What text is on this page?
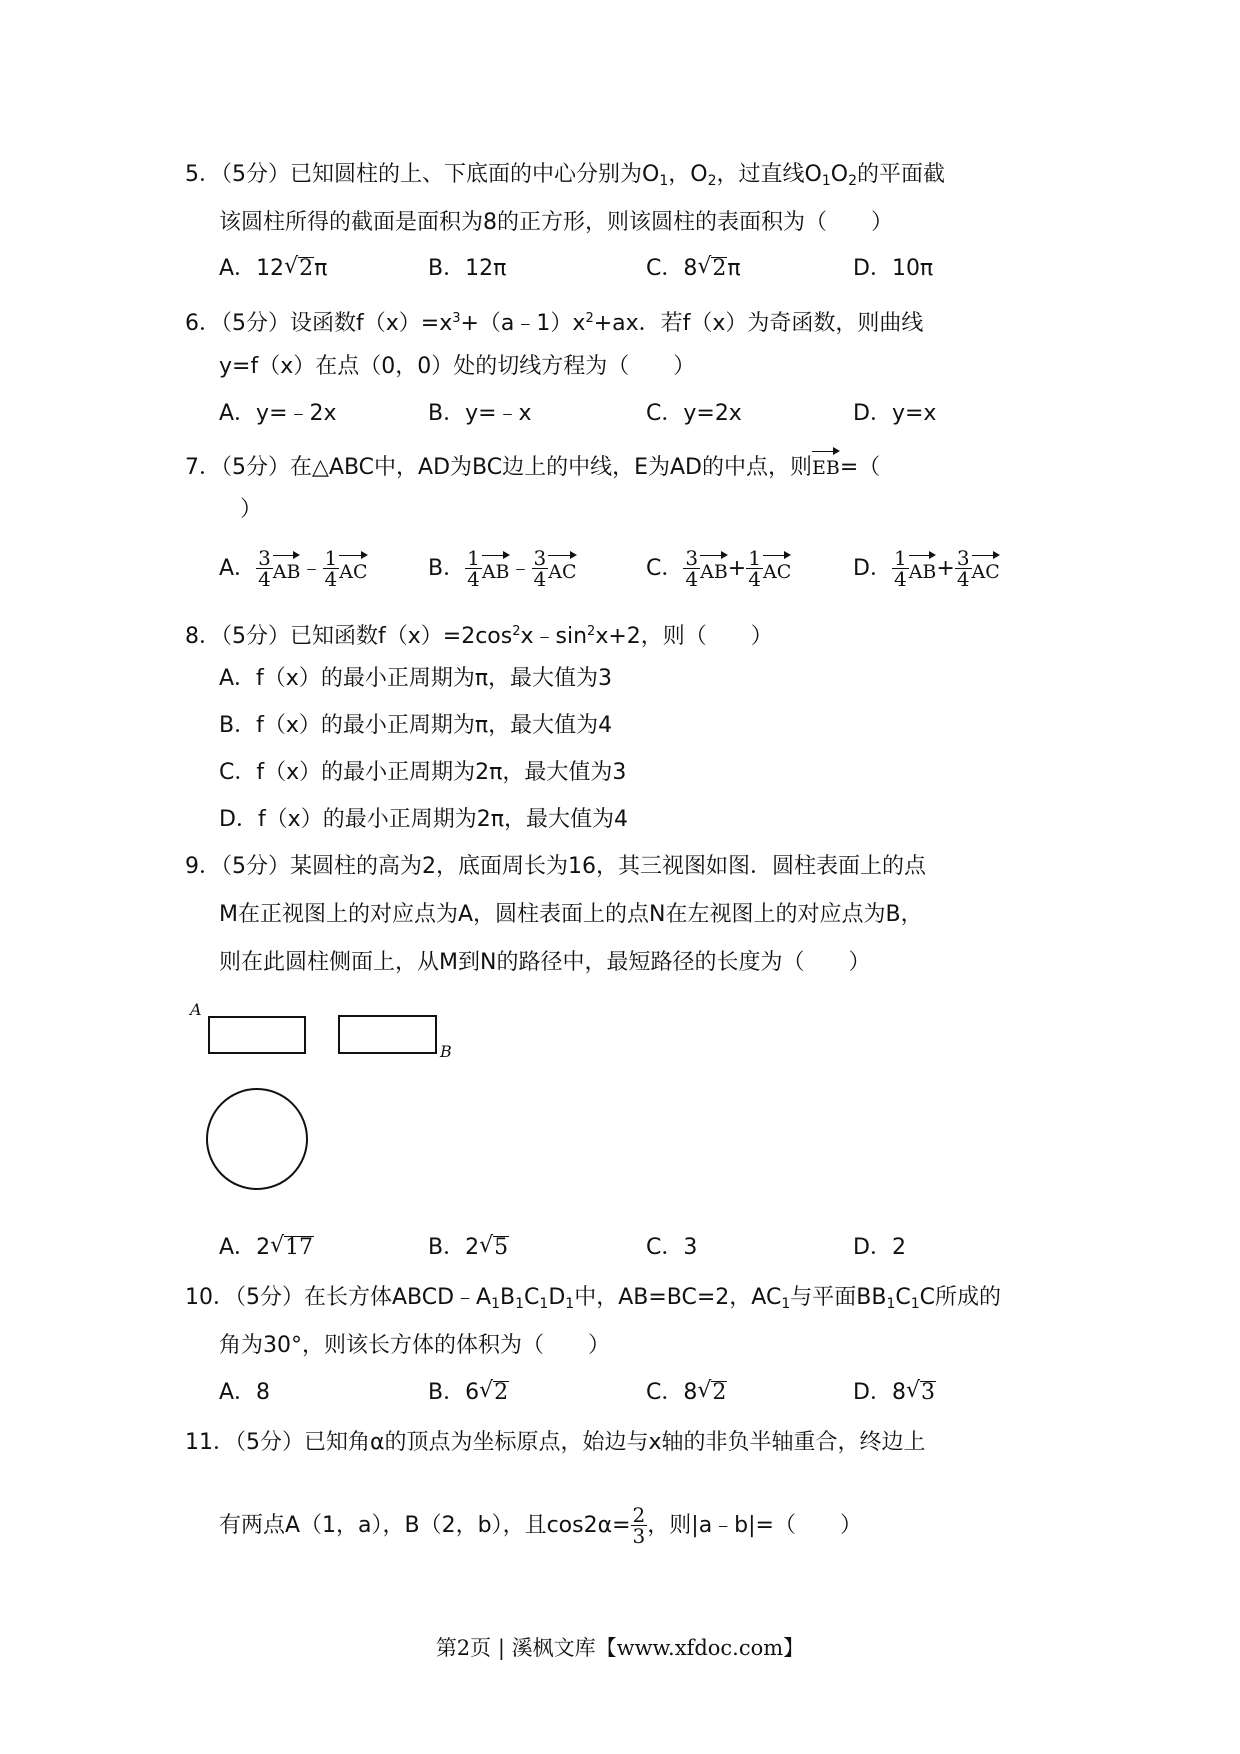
5．（5分）已知圆柱的上、下底面的中心分别为$O_1$，$O_2$，过直线$O_1O_2$的平面截
该圆柱所得的截面是面积为8的正方形，则该圆柱的表面积为（　　）
A．12 √ 2π	B．12π	C．8 √ 2π	D．10π
6．（5分）设函数$f(x)=x^3+(a﹣1)x^2+ax$．若f（x）为奇函数，则曲线
y=f（x）在点（0，0）处的切线方程为（　　）
A．y=﹣2x	B．y=﹣x	C．y=2x	D．y=x
7．（5分）在△ABC中，AD为BC边上的中线，E为AD的中点，则EB=（
）
A． $\frac{3}{4}$ AB ﹣ $\frac{1}{4}$ AC	B． $\frac{1}{4}$ AB ﹣ $\frac{3}{4}$ AC	C． $\frac{3}{4}$ AB + $\frac{1}{4}$ AC	D． $\frac{1}{4}$ AB + $\frac{3}{4}$ AC
8．（5分）已知函数$f(x)=2\cos^2x﹣\sin^2x+2$，则（　　）
A．f（x）的最小正周期为π，最大值为3
B．f（x）的最小正周期为π，最大值为4
C．f（x）的最小正周期为2π，最大值为3
D．f（x）的最小正周期为2π，最大值为4
9．（5分）某圆柱的高为2，底面周长为16，其三视图如图．圆柱表面上的点
M在正视图上的对应点为A，圆柱表面上的点N在左视图上的对应点为B，
则在此圆柱侧面上，从M到N的路径中，最短路径的长度为（　　）
A
B
A．2 √ 17	B．2 √ 5	C．3	D．2
10．（5分）在长方体$ABCD﹣A_1B_1C_1D_1$中，AB=BC=2，$AC_1$与平面$BB_1C_1C$所成的
角为30°，则该长方体的体积为（　　）
A．8	B．6 √ 2	C．8 √ 2	D．8 √ 3
11．（5分）已知角α的顶点为坐标原点，始边与x轴的非负半轴重合，终边上
有两点A（1，a），B（2，b），且$\cos 2\alpha= \frac{2}{3}$ ，则|a﹣b|=（　　）
第2页 | 溪枫文库【www.xfdoc.com】
